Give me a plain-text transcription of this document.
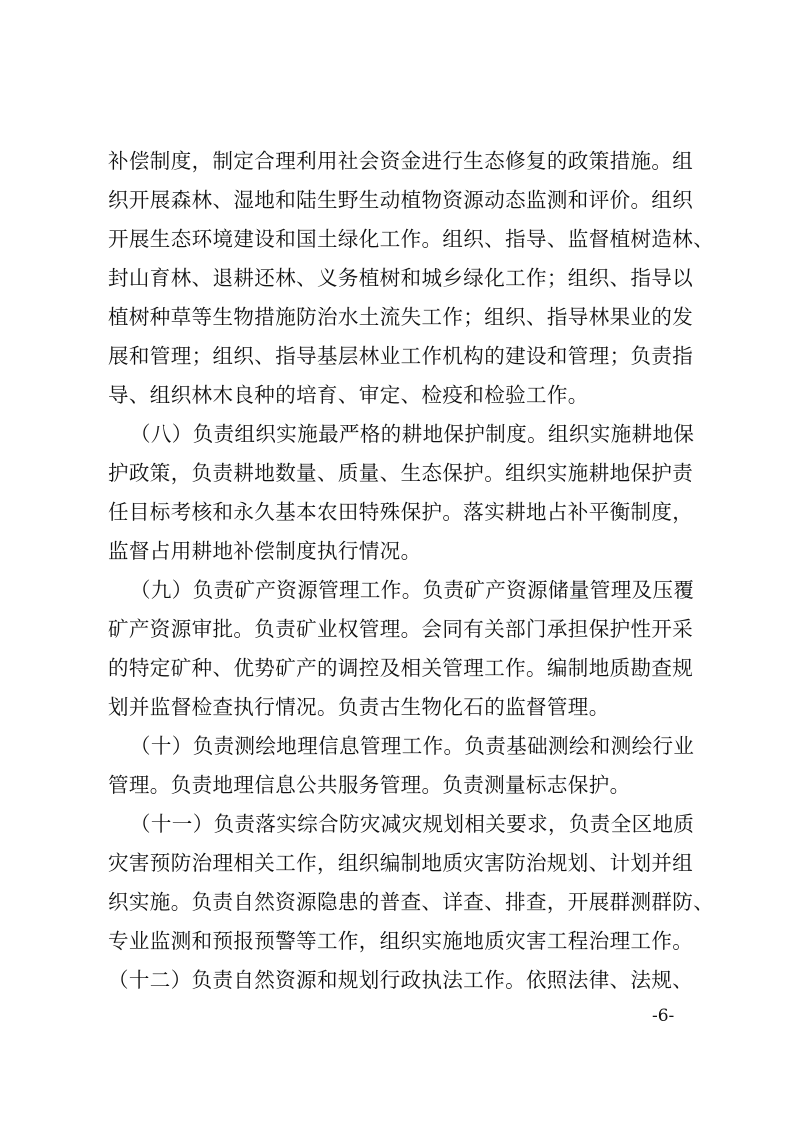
补偿制度，制定合理利用社会资金进行生态修复的政策措施。组
织开展森林、湿地和陆生野生动植物资源动态监测和评价。组织
开展生态环境建设和国土绿化工作。组织、指导、监督植树造林、
封山育林、退耕还林、义务植树和城乡绿化工作；组织、指导以
植树种草等生物措施防治水土流失工作；组织、指导林果业的发
展和管理；组织、指导基层林业工作机构的建设和管理；负责指
导、组织林木良种的培育、审定、检疫和检验工作。
（八）负责组织实施最严格的耕地保护制度。组织实施耕地保
护政策，负责耕地数量、质量、生态保护。组织实施耕地保护责
任目标考核和永久基本农田特殊保护。落实耕地占补平衡制度，
监督占用耕地补偿制度执行情况。
（九）负责矿产资源管理工作。负责矿产资源储量管理及压覆
矿产资源审批。负责矿业权管理。会同有关部门承担保护性开采
的特定矿种、优势矿产的调控及相关管理工作。编制地质勘查规
划并监督检查执行情况。负责古生物化石的监督管理。
（十）负责测绘地理信息管理工作。负责基础测绘和测绘行业
管理。负责地理信息公共服务管理。负责测量标志保护。
（十一）负责落实综合防灾减灾规划相关要求，负责全区地质
灾害预防治理相关工作，组织编制地质灾害防治规划、计划并组
织实施。负责自然资源隐患的普查、详查、排查，开展群测群防、
专业监测和预报预警等工作，组织实施地质灾害工程治理工作。
（十二）负责自然资源和规划行政执法工作。依照法律、法规、
-6-
